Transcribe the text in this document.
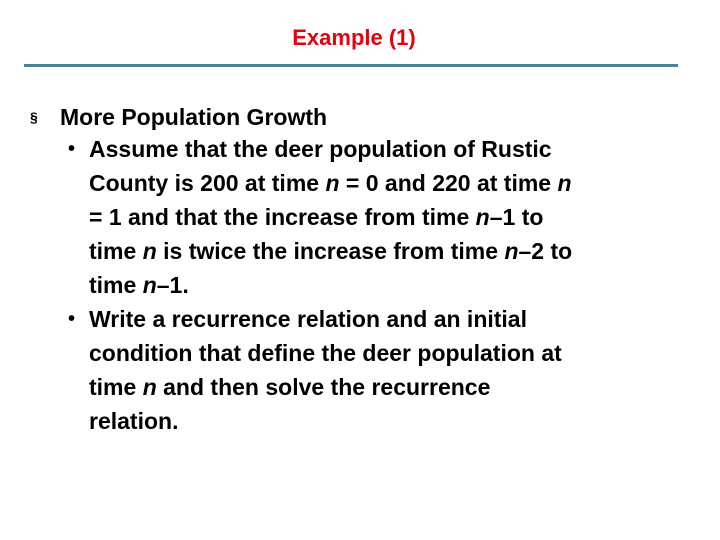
Example (1)
§ More Population Growth
• Assume that the deer population of Rustic
County is 200 at time n = 0 and 220 at time n
= 1 and that the increase from time n–1 to
time n is twice the increase from time n–2 to
time n–1.
• Write a recurrence relation and an initial
condition that define the deer population at
time n and then solve the recurrence
relation.
